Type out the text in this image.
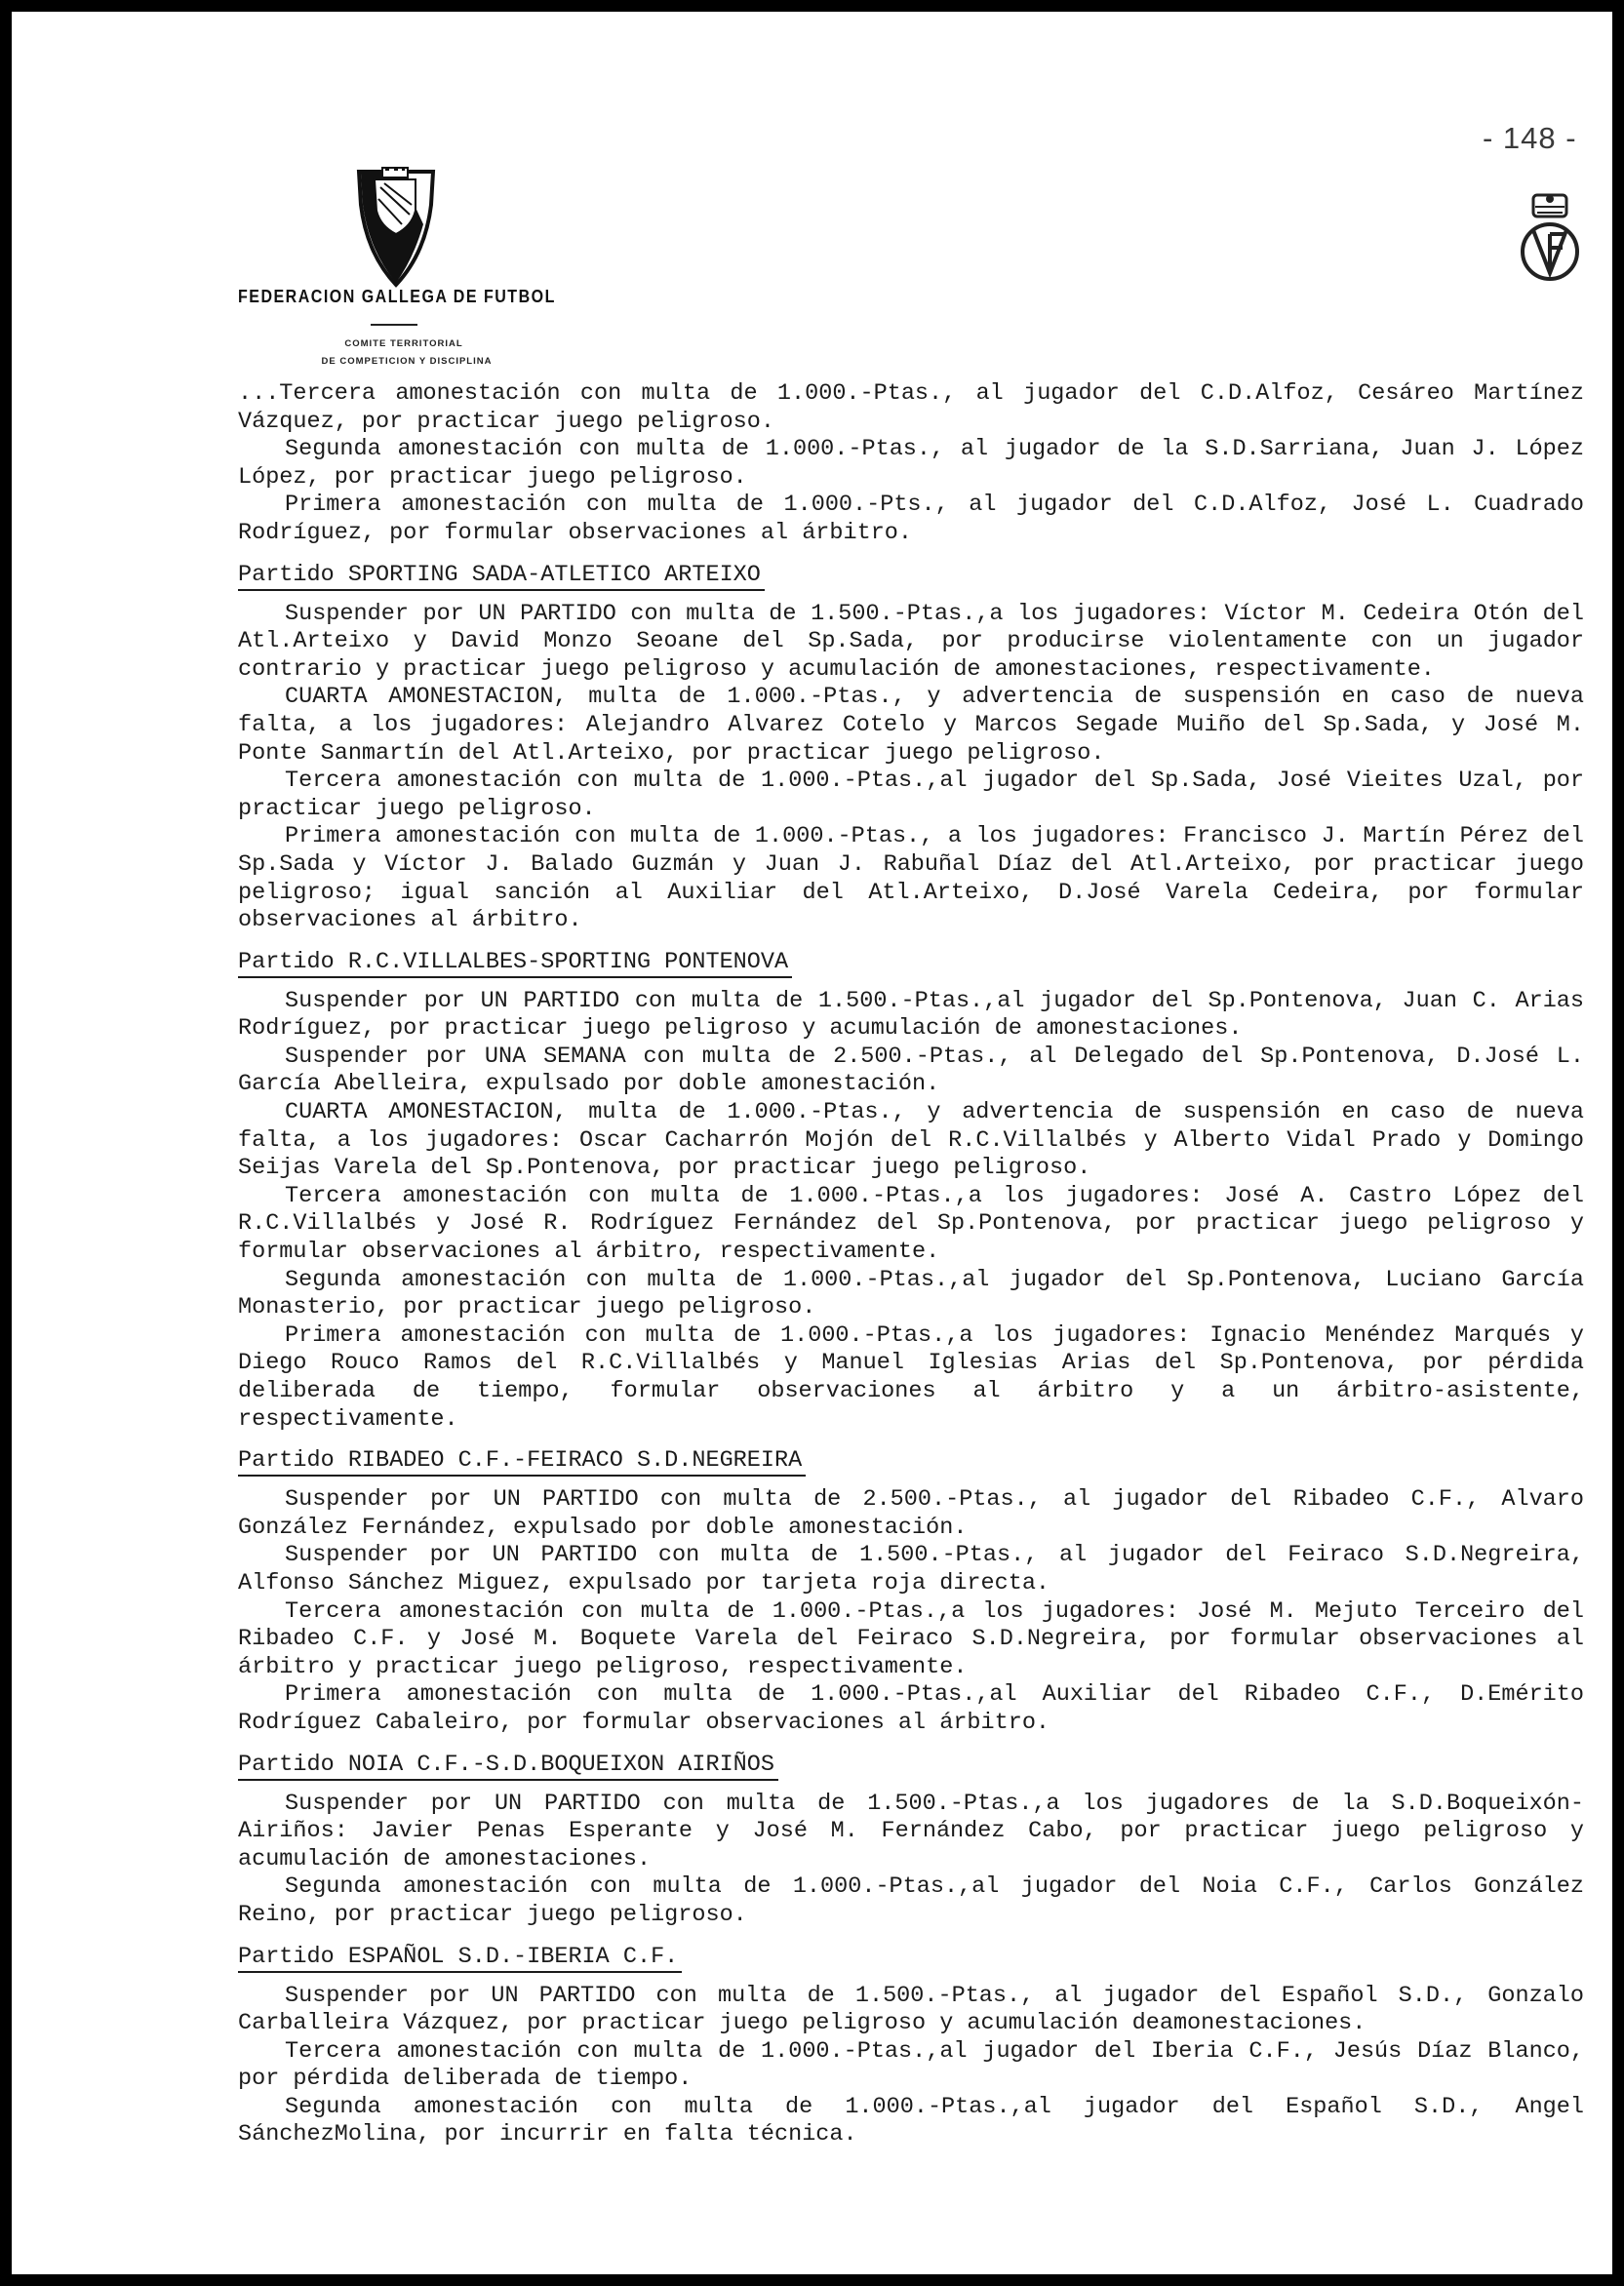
- 148 -
FEDERACION GALLEGA DE FUTBOL
COMITE TERRITORIAL
DE COMPETICION Y DISCIPLINA

...Tercera amonestación con multa de 1.000.-Ptas., al jugador del C.D.Alfoz, Cesáreo Martínez Vázquez, por practicar juego peligroso.

Segunda amonestación con multa de 1.000.-Ptas., al jugador de la S.D.Sarriana, Juan J. López López, por practicar juego peligroso.

Primera amonestación con multa de 1.000.-Pts., al jugador del C.D.Alfoz, José L. Cuadrado Rodríguez, por formular observaciones al árbitro.

Partido SPORTING SADA-ATLETICO ARTEIXO

Suspender por UN PARTIDO con multa de 1.500.-Ptas.,a los jugadores: Víctor M. Cedeira Otón del Atl.Arteixo y David Monzo Seoane del Sp.Sada, por producirse violentamente con un jugador contrario y practicar juego peligroso y acumulación de amonestaciones, respectivamente.

CUARTA AMONESTACION, multa de 1.000.-Ptas., y advertencia de suspensión en caso de nueva falta, a los jugadores: Alejandro Alvarez Cotelo y Marcos Segade Muiño del Sp.Sada, y José M. Ponte Sanmartín del Atl.Arteixo, por practicar juego peligroso.

Tercera amonestación con multa de 1.000.-Ptas.,al jugador del Sp.Sada, José Vieites Uzal, por practicar juego peligroso.

Primera amonestación con multa de 1.000.-Ptas., a los jugadores: Francisco J. Martín Pérez del Sp.Sada y Víctor J. Balado Guzmán y Juan J. Rabuñal Díaz del Atl.Arteixo, por practicar juego peligroso; igual sanción al Auxiliar del Atl.Arteixo, D.José Varela Cedeira, por formular observaciones al árbitro.

Partido R.C.VILLALBES-SPORTING PONTENOVA

Suspender por UN PARTIDO con multa de 1.500.-Ptas.,al jugador del Sp.Pontenova, Juan C. Arias Rodríguez, por practicar juego peligroso y acumulación de amonestaciones.

Suspender por UNA SEMANA con multa de 2.500.-Ptas., al Delegado del Sp.Pontenova, D.José L. García Abelleira, expulsado por doble amonestación.

CUARTA AMONESTACION, multa de 1.000.-Ptas., y advertencia de suspensión en caso de nueva falta, a los jugadores: Oscar Cacharrón Mojón del R.C.Villalbés y Alberto Vidal Prado y Domingo Seijas Varela del Sp.Pontenova, por practicar juego peligroso.

Tercera amonestación con multa de 1.000.-Ptas.,a los jugadores: José A. Castro López del R.C.Villalbés y José R. Rodríguez Fernández del Sp.Pontenova, por practicar juego peligroso y formular observaciones al árbitro, respectivamente.

Segunda amonestación con multa de 1.000.-Ptas.,al jugador del Sp.Pontenova, Luciano García Monasterio, por practicar juego peligroso.

Primera amonestación con multa de 1.000.-Ptas.,a los jugadores: Ignacio Menéndez Marqués y Diego Rouco Ramos del R.C.Villalbés y Manuel Iglesias Arias del Sp.Pontenova, por pérdida deliberada de tiempo, formular observaciones al árbitro y a un árbitro-asistente, respectivamente.

Partido RIBADEO C.F.-FEIRACO S.D.NEGREIRA

Suspender por UN PARTIDO con multa de 2.500.-Ptas., al jugador del Ribadeo C.F., Alvaro González Fernández, expulsado por doble amonestación.

Suspender por UN PARTIDO con multa de 1.500.-Ptas., al jugador del Feiraco S.D.Negreira, Alfonso Sánchez Miguez, expulsado por tarjeta roja directa.

Tercera amonestación con multa de 1.000.-Ptas.,a los jugadores: José M. Mejuto Terceiro del Ribadeo C.F. y José M. Boquete Varela del Feiraco S.D.Negreira, por formular observaciones al árbitro y practicar juego peligroso, respectivamente.

Primera amonestación con multa de 1.000.-Ptas.,al Auxiliar del Ribadeo C.F., D.Emérito Rodríguez Cabaleiro, por formular observaciones al árbitro.

Partido NOIA C.F.-S.D.BOQUEIXON AIRIÑOS

Suspender por UN PARTIDO con multa de 1.500.-Ptas.,a los jugadores de la S.D.Boqueixón-Airiños: Javier Penas Esperante y José M. Fernández Cabo, por practicar juego peligroso y acumulación de amonestaciones.

Segunda amonestación con multa de 1.000.-Ptas.,al jugador del Noia C.F., Carlos González Reino, por practicar juego peligroso.

Partido ESPAÑOL S.D.-IBERIA C.F.

Suspender por UN PARTIDO con multa de 1.500.-Ptas., al jugador del Español S.D., Gonzalo Carballeira Vázquez, por practicar juego peligroso y acumulación deamonestaciones.

Tercera amonestación con multa de 1.000.-Ptas.,al jugador del Iberia C.F., Jesús Díaz Blanco, por pérdida deliberada de tiempo.

Segunda amonestación con multa de 1.000.-Ptas.,al jugador del Español S.D., Angel SánchezMolina, por incurrir en falta técnica.
